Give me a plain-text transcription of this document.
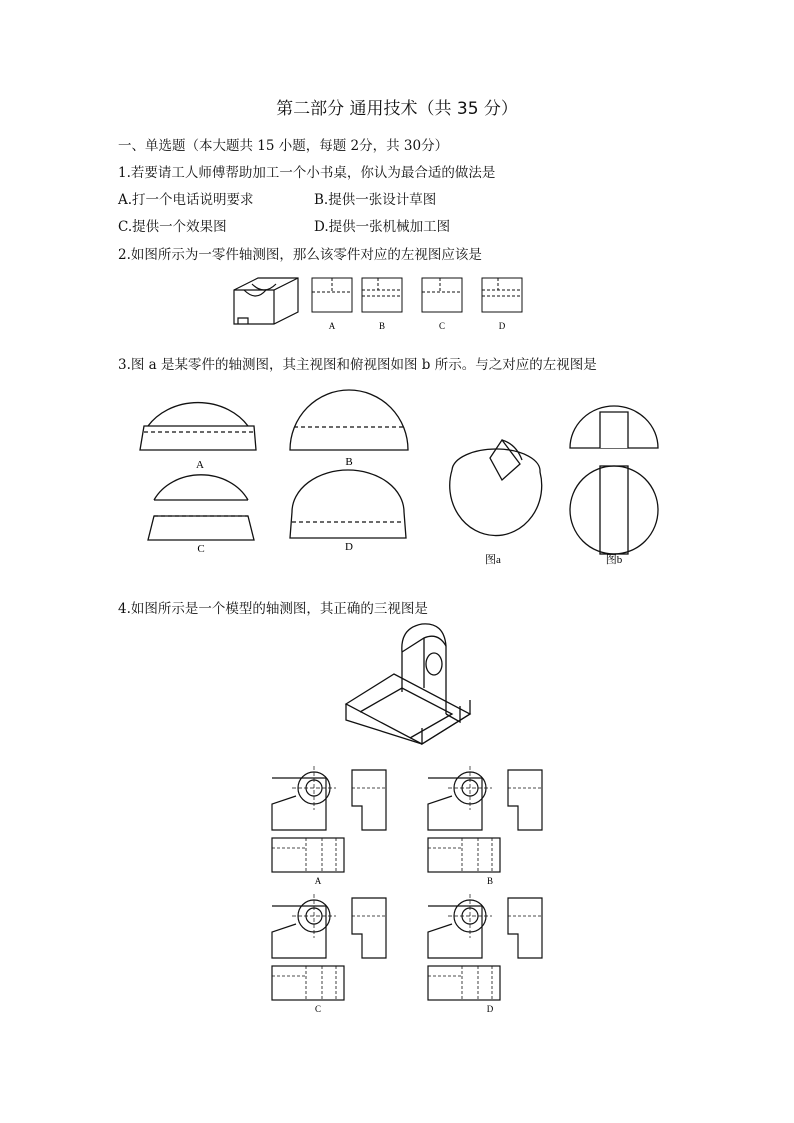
第二部分 通用技术（共 35 分）
一、单选题（本大题共 15 小题，每题 2分，共 30分）
1.若要请工人师傅帮助加工一个小书桌，你认为最合适的做法是
A.打一个电话说明要求	B.提供一张设计草图
C.提供一个效果图	D.提供一张机械加工图
2.如图所示为一零件轴测图，那么该零件对应的左视图应该是
A	B	C	D
3.图 a 是某零件的轴测图，其主视图和俯视图如图 b 所示。与之对应的左视图是
A	B
C	D
图a	图b
4.如图所示是一个模型的轴测图，其正确的三视图是
A	B
C	D
